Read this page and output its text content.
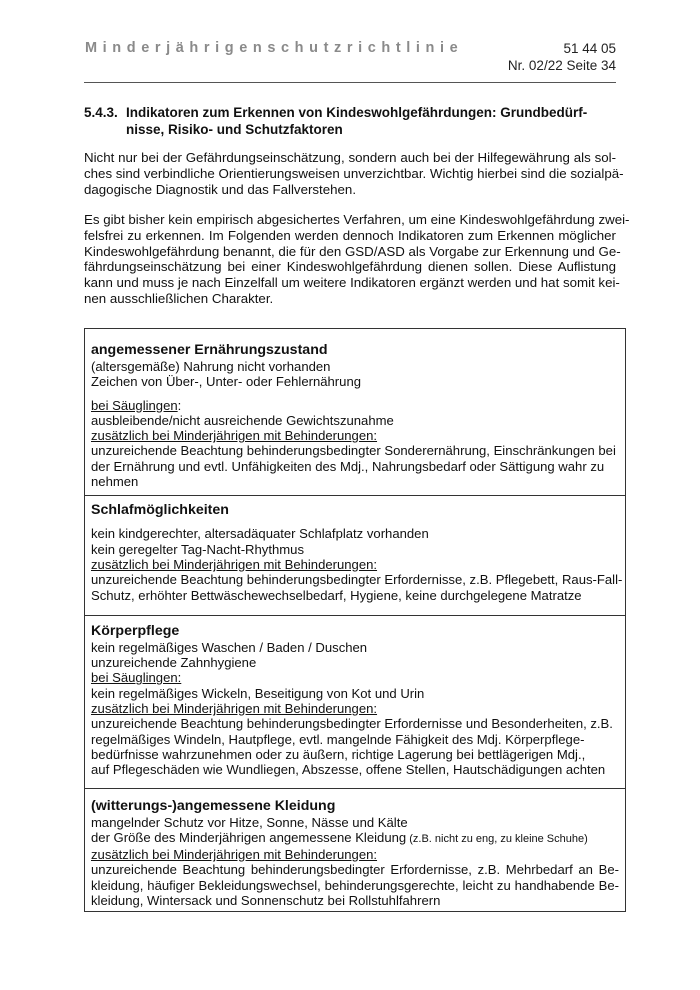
Minderjährigenschutzrichtlinie	51 44 05
Nr. 02/22 Seite 34
5.4.3. Indikatoren zum Erkennen von Kindeswohlgefährdungen: Grundbedürf-
nisse, Risiko- und Schutzfaktoren
Nicht nur bei der Gefährdungseinschätzung, sondern auch bei der Hilfegewährung als sol-
ches sind verbindliche Orientierungsweisen unverzichtbar. Wichtig hierbei sind die sozialpä-
dagogische Diagnostik und das Fallverstehen.
Es gibt bisher kein empirisch abgesichertes Verfahren, um eine Kindeswohlgefährdung zwei-
felsfrei zu erkennen. Im Folgenden werden dennoch Indikatoren zum Erkennen möglicher
Kindeswohlgefährdung benannt, die für den GSD/ASD als Vorgabe zur Erkennung und Ge-
fährdungseinschätzung bei einer Kindeswohlgefährdung dienen sollen. Diese Auflistung
kann und muss je nach Einzelfall um weitere Indikatoren ergänzt werden und hat somit kei-
nen ausschließlichen Charakter.
angemessener Ernährungszustand
(altersgemäße) Nahrung nicht vorhanden
Zeichen von Über-, Unter- oder Fehlernährung
bei Säuglingen:
ausbleibende/nicht ausreichende Gewichtszunahme
zusätzlich bei Minderjährigen mit Behinderungen:
unzureichende Beachtung behinderungsbedingter Sonderernährung, Einschränkungen bei
der Ernährung und evtl. Unfähigkeiten des Mdj., Nahrungsbedarf oder Sättigung wahr zu
nehmen
Schlafmöglichkeiten
kein kindgerechter, altersadäquater Schlafplatz vorhanden
kein geregelter Tag-Nacht-Rhythmus
zusätzlich bei Minderjährigen mit Behinderungen:
unzureichende Beachtung behinderungsbedingter Erfordernisse, z.B. Pflegebett, Raus-Fall-
Schutz, erhöhter Bettwäschewechselbedarf, Hygiene, keine durchgelegene Matratze
Körperpflege
kein regelmäßiges Waschen / Baden / Duschen
unzureichende Zahnhygiene
bei Säuglingen:
kein regelmäßiges Wickeln, Beseitigung von Kot und Urin
zusätzlich bei Minderjährigen mit Behinderungen:
unzureichende Beachtung behinderungsbedingter Erfordernisse und Besonderheiten, z.B.
regelmäßiges Windeln, Hautpflege, evtl. mangelnde Fähigkeit des Mdj. Körperpflege-
bedürfnisse wahrzunehmen oder zu äußern, richtige Lagerung bei bettlägerigen Mdj.,
auf Pflegeschäden wie Wundliegen, Abszesse, offene Stellen, Hautschädigungen achten
(witterungs-)angemessene Kleidung
mangelnder Schutz vor Hitze, Sonne, Nässe und Kälte
der Größe des Minderjährigen angemessene Kleidung (z.B. nicht zu eng, zu kleine Schuhe)
zusätzlich bei Minderjährigen mit Behinderungen:
unzureichende Beachtung behinderungsbedingter Erfordernisse, z.B. Mehrbedarf an Be-
kleidung, häufiger Bekleidungswechsel, behinderungsgerechte, leicht zu handhabende Be-
kleidung, Wintersack und Sonnenschutz bei Rollstuhlfahrern
